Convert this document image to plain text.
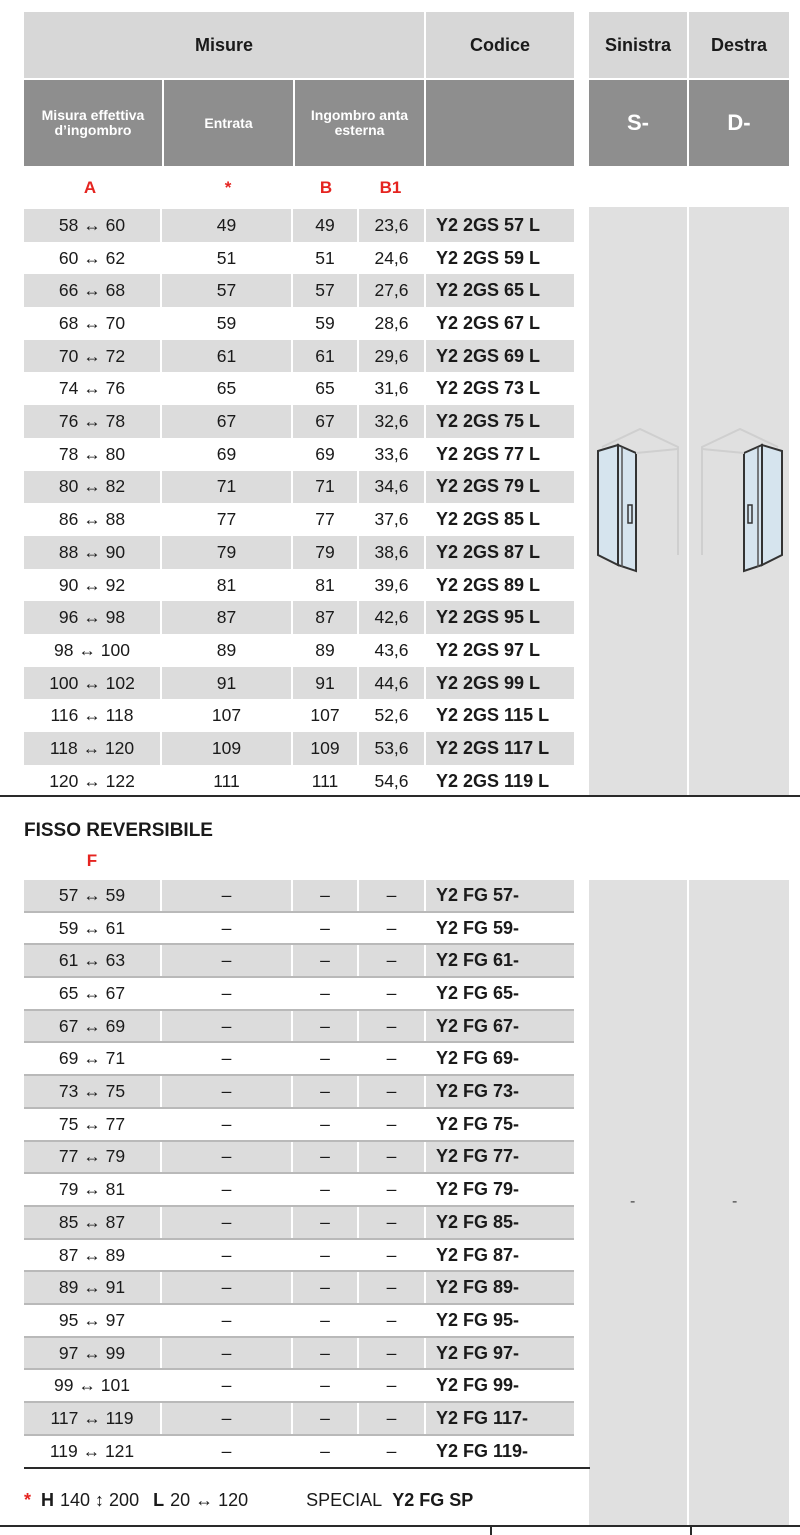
Misure	Codice	Sinistra Destra
Misura effettiva d’ingombro	Entrata	Ingombro anta esterna	S-	D-
A	*	B	B1
58 ↔ 60	49	49	23,6	Y2 2GS 57 L
60 ↔ 62	51	51	24,6	Y2 2GS 59 L
66 ↔ 68	57	57	27,6	Y2 2GS 65 L
68 ↔ 70	59	59	28,6	Y2 2GS 67 L
70 ↔ 72	61	61	29,6	Y2 2GS 69 L
74 ↔ 76	65	65	31,6	Y2 2GS 73 L
76 ↔ 78	67	67	32,6	Y2 2GS 75 L
78 ↔ 80	69	69	33,6	Y2 2GS 77 L
80 ↔ 82	71	71	34,6	Y2 2GS 79 L
86 ↔ 88	77	77	37,6	Y2 2GS 85 L
88 ↔ 90	79	79	38,6	Y2 2GS 87 L
90 ↔ 92	81	81	39,6	Y2 2GS 89 L
96 ↔ 98	87	87	42,6	Y2 2GS 95 L
98 ↔ 100	89	89	43,6	Y2 2GS 97 L
100 ↔ 102	91	91	44,6	Y2 2GS 99 L
116 ↔ 118	107	107	52,6	Y2 2GS 115 L
118 ↔ 120	109	109	53,6	Y2 2GS 117 L
120 ↔ 122	111	111	54,6	Y2 2GS 119 L
FISSO REVERSIBILE
F
-	-
57 ↔ 59	–	–	–	Y2 FG 57-
59 ↔ 61	–	–	–	Y2 FG 59-
61 ↔ 63	–	–	–	Y2 FG 61-
65 ↔ 67	–	–	–	Y2 FG 65-
67 ↔ 69	–	–	–	Y2 FG 67-
69 ↔ 71	–	–	–	Y2 FG 69-
73 ↔ 75	–	–	–	Y2 FG 73-
75 ↔ 77	–	–	–	Y2 FG 75-
77 ↔ 79	–	–	–	Y2 FG 77-
79 ↔ 81	–	–	–	Y2 FG 79-
85 ↔ 87	–	–	–	Y2 FG 85-
87 ↔ 89	–	–	–	Y2 FG 87-
89 ↔ 91	–	–	–	Y2 FG 89-
95 ↔ 97	–	–	–	Y2 FG 95-
97 ↔ 99	–	–	–	Y2 FG 97-
99 ↔ 101	–	–	–	Y2 FG 99-
117 ↔ 119	–	–	–	Y2 FG 117-
119 ↔ 121	–	–	–	Y2 FG 119-
* H 140 ↕ 200 L 20 ↔ 120	SPECIAL Y2 FG SP
